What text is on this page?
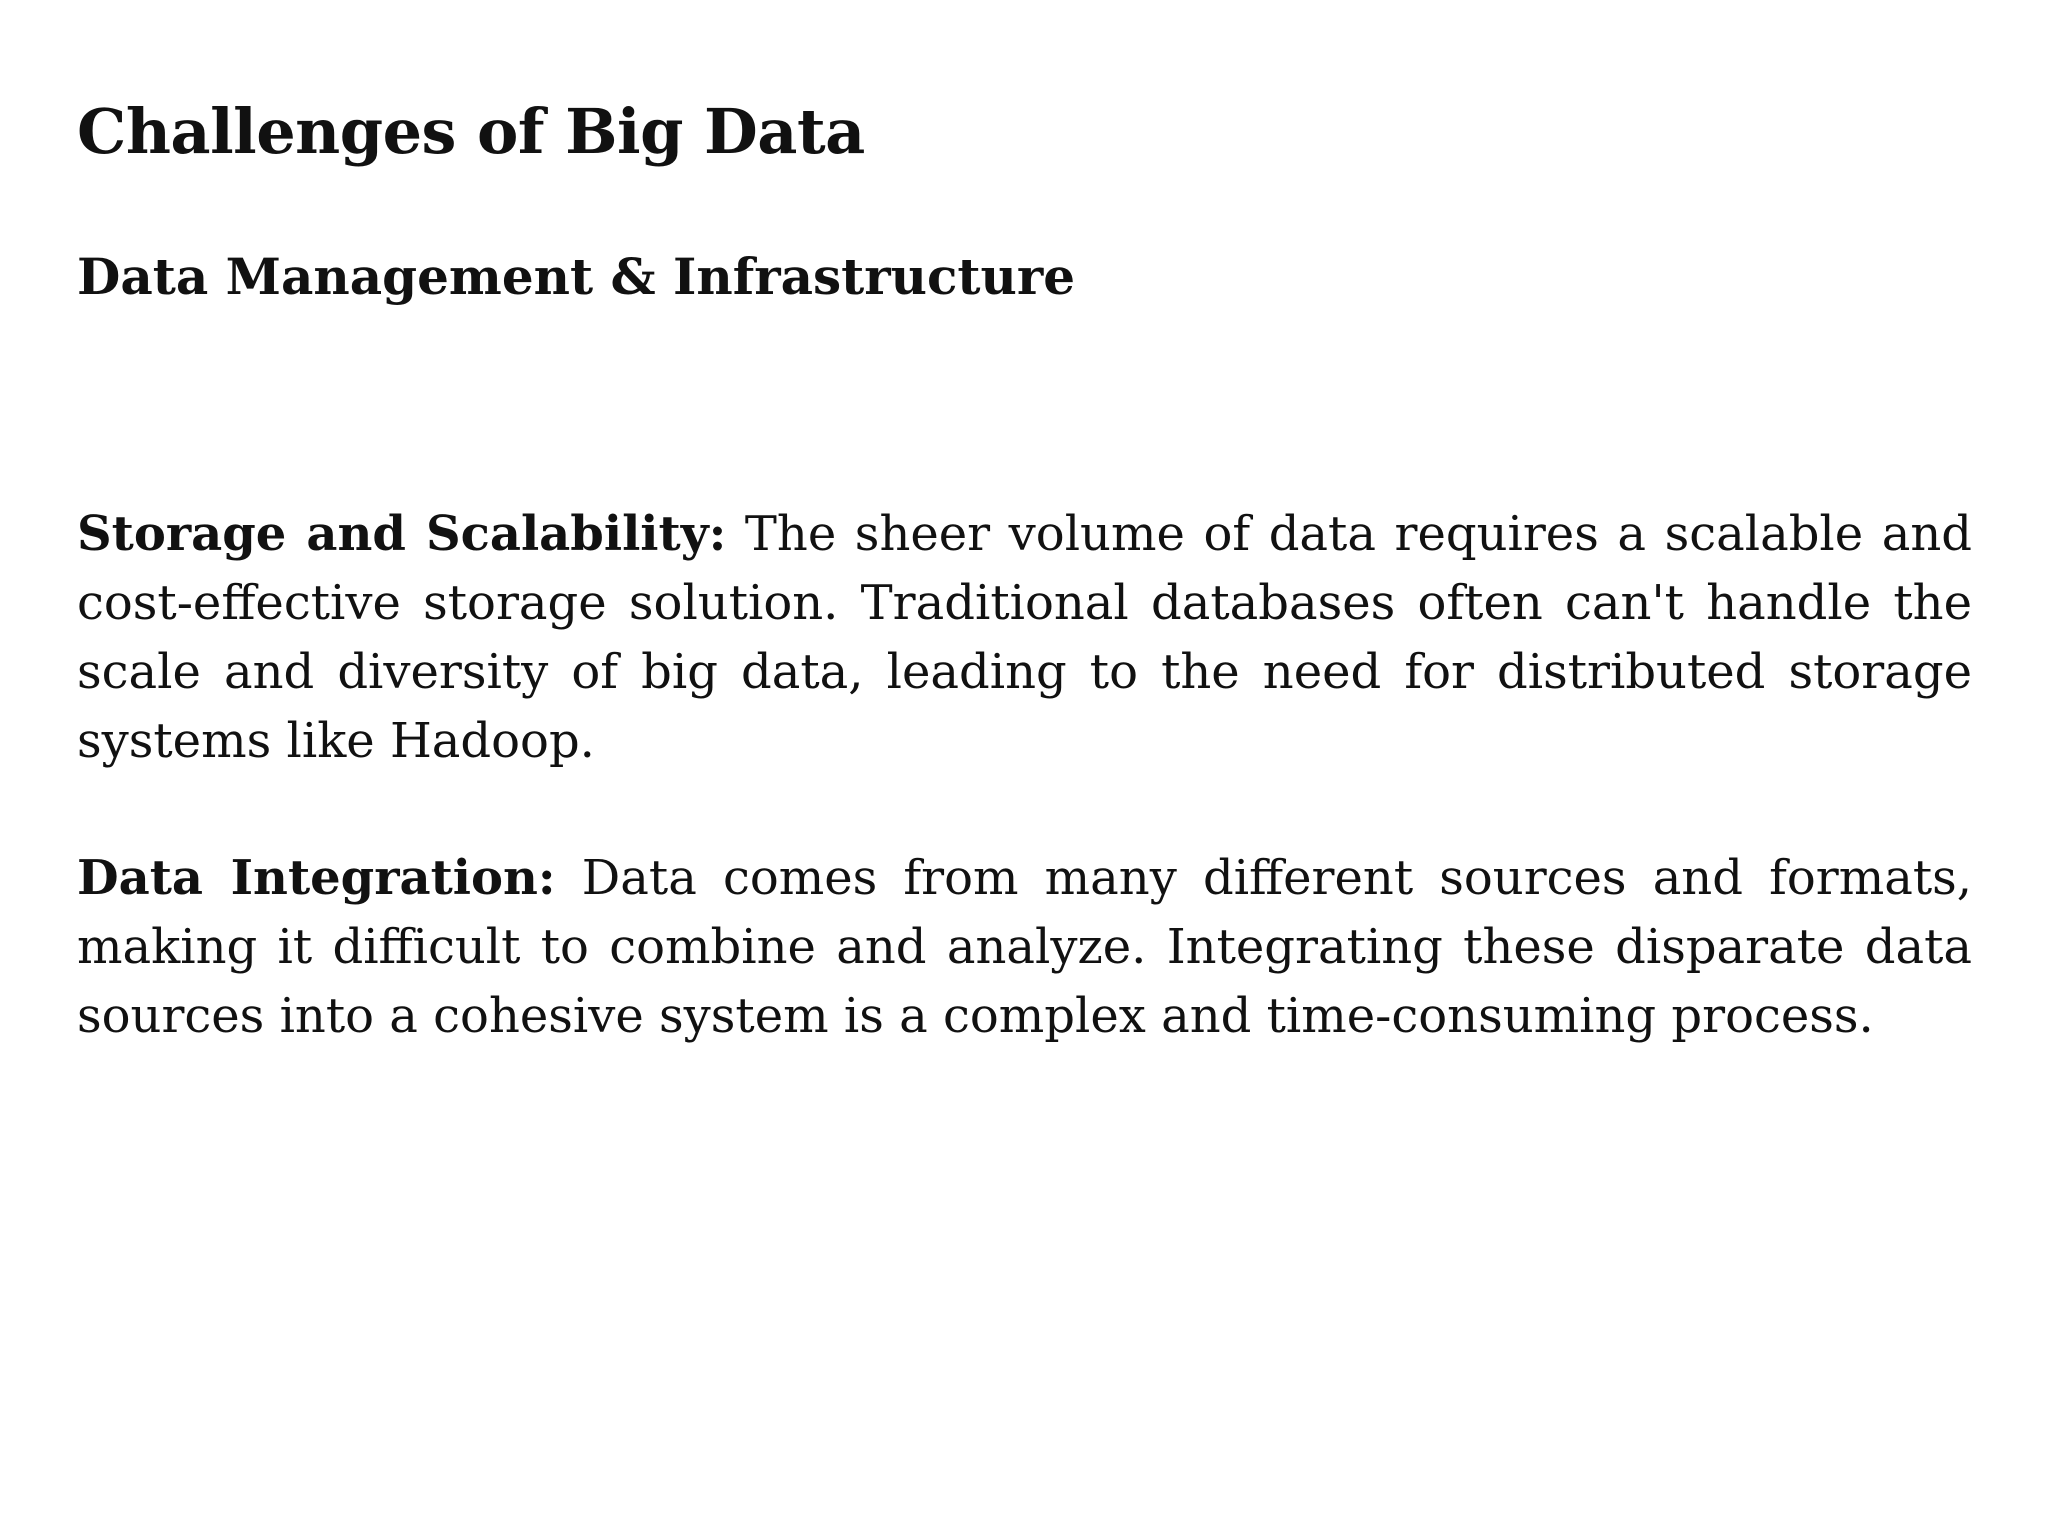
Challenges of Big Data
Data Management & Infrastructure

Storage and Scalability: The sheer volume of data requires a scalable and cost-effective storage solution. Traditional databases often can't handle the scale and diversity of big data, leading to the need for distributed storage systems like Hadoop.

Data Integration: Data comes from many different sources and formats, making it difficult to combine and analyze. Integrating these disparate data sources into a cohesive system is a complex and time-consuming process.
